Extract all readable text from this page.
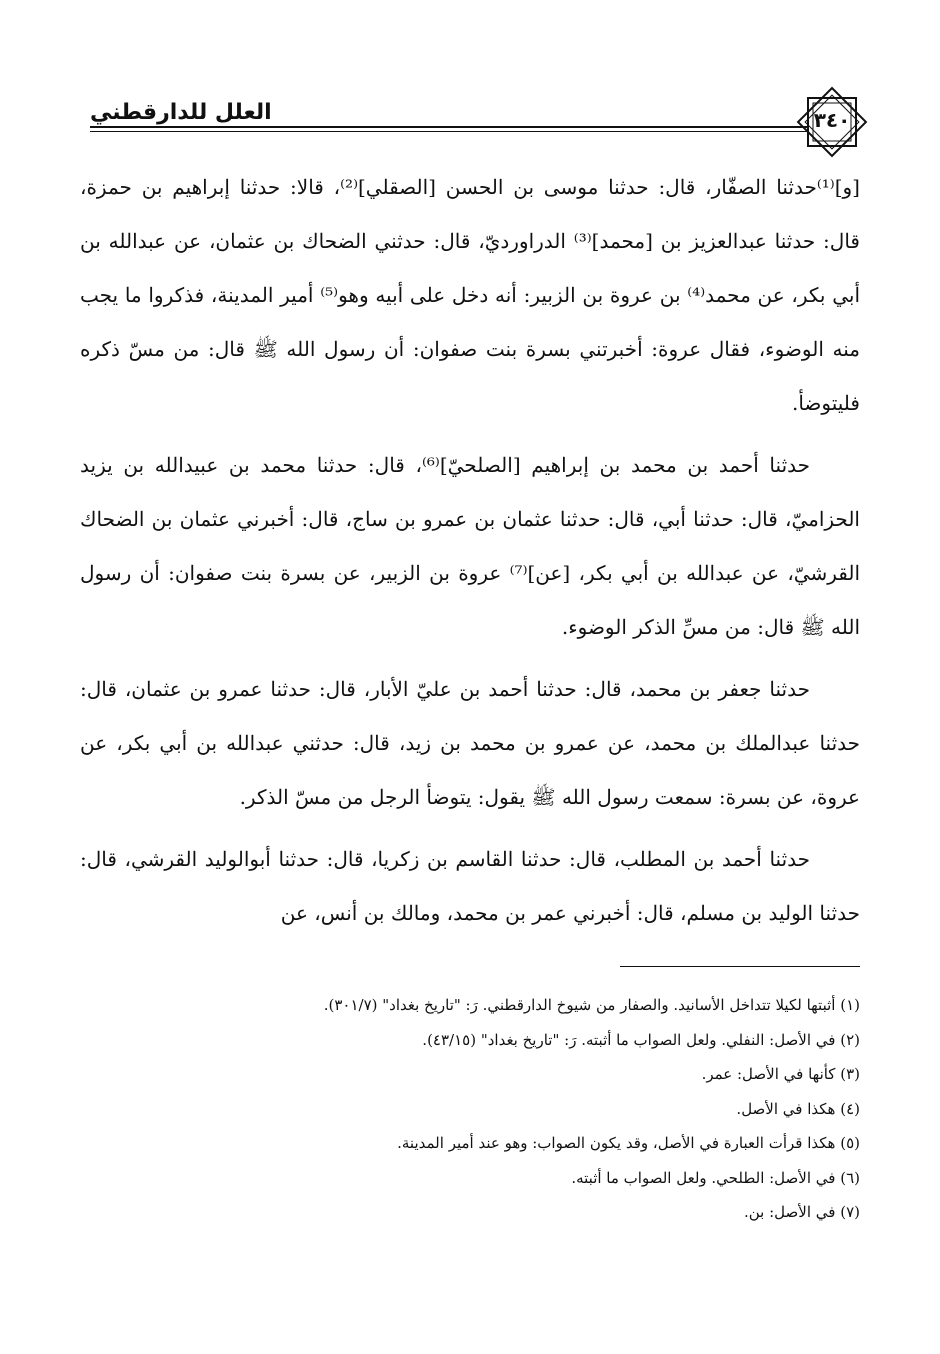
العلل للدارقطني	٣٤٠

[و]⁽¹⁾حدثنا الصفّار، قال: حدثنا موسى بن الحسن [الصقلي]⁽²⁾، قالا: حدثنا إبراهيم بن حمزة، قال: حدثنا عبدالعزيز بن [محمد]⁽³⁾ الدراورديّ، قال: حدثني الضحاك بن عثمان، عن عبدالله بن أبي بكر، عن محمد⁽⁴⁾ بن عروة بن الزبير: أنه دخل على أبيه وهو⁽⁵⁾ أمير المدينة، فذكروا ما يجب منه الوضوء، فقال عروة: أخبرتني بسرة بنت صفوان: أن رسول الله ﷺ قال: من مسّ ذكره فليتوضأ.

حدثنا أحمد بن محمد بن إبراهيم [الصلحيّ]⁽⁶⁾، قال: حدثنا محمد بن عبيدالله بن يزيد الحزاميّ، قال: حدثنا أبي، قال: حدثنا عثمان بن عمرو بن ساج، قال: أخبرني عثمان بن الضحاك القرشيّ، عن عبدالله بن أبي بكر، [عن]⁽⁷⁾ عروة بن الزبير، عن بسرة بنت صفوان: أن رسول الله ﷺ قال: من مسِّ الذكر الوضوء.

حدثنا جعفر بن محمد، قال: حدثنا أحمد بن عليّ الأبار، قال: حدثنا عمرو بن عثمان، قال: حدثنا عبدالملك بن محمد، عن عمرو بن محمد بن زيد، قال: حدثني عبدالله بن أبي بكر، عن عروة، عن بسرة: سمعت رسول الله ﷺ يقول: يتوضأ الرجل من مسّ الذكر.

حدثنا أحمد بن المطلب، قال: حدثنا القاسم بن زكريا، قال: حدثنا أبوالوليد القرشي، قال: حدثنا الوليد بن مسلم، قال: أخبرني عمر بن محمد، ومالك بن أنس، عن

(١) أثبتها لكيلا تتداخل الأسانيد. والصفار من شيوخ الدارقطني. رَ: "تاريخ بغداد" (٣٠١/٧).

(٢) في الأصل: النفلي. ولعل الصواب ما أثبته. رَ: "تاريخ بغداد" (٤٣/١٥).

(٣) كأنها في الأصل: عمر.

(٤) هكذا في الأصل.

(٥) هكذا قرأت العبارة في الأصل، وقد يكون الصواب: وهو عند أمير المدينة.

(٦) في الأصل: الطلحي. ولعل الصواب ما أثبته.

(٧) في الأصل: بن.
